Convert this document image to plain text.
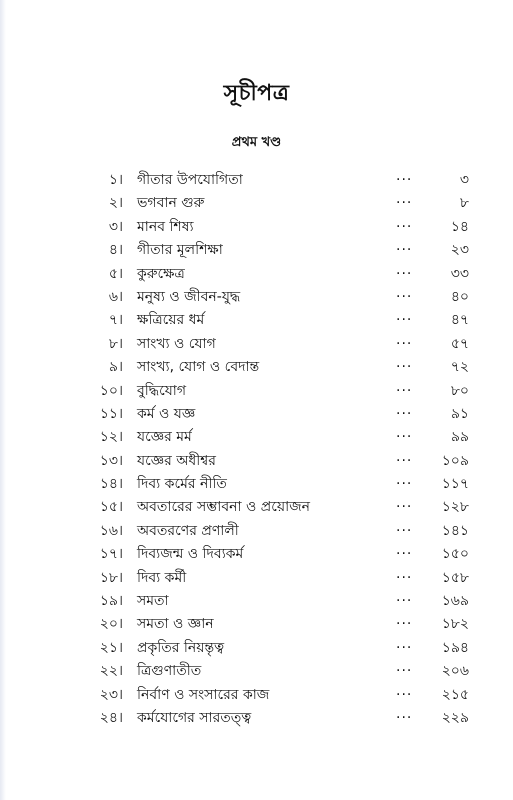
সূচীপত্র
প্রথম খণ্ড
১। গীতার উপযোগিতা	...	৩
২। ভগবান গুরু	...	৮
৩। মানব শিষ্য	...	১৪
৪। গীতার মূলশিক্ষা	...	২৩
৫। কুরুক্ষেত্র	...	৩৩
৬। মনুষ্য ও জীবন-যুদ্ধ	...	৪০
৭। ক্ষত্রিয়ের ধর্ম	...	৪৭
৮। সাংখ্য ও যোগ	...	৫৭
৯। সাংখ্য, যোগ ও বেদান্ত	...	৭২
১০। বুদ্ধিযোগ	...	৮০
১১। কর্ম ও যজ্ঞ	...	৯১
১২। যজ্ঞের মর্ম	...	৯৯
১৩। যজ্ঞের অধীশ্বর	... ১০৯
১৪। দিব্য কর্মের নীতি	... ১১৭
১৫। অবতারের সম্ভাবনা ও প্রয়োজন	... ১২৮
১৬। অবতরণের প্রণালী	... ১৪১
১৭। দিব্যজন্ম ও দিব্যকর্ম	... ১৫০
১৮। দিব্য কর্মী	... ১৫৮
১৯। সমতা	... ১৬৯
২০। সমতা ও জ্ঞান	... ১৮২
২১। প্রকৃতির নিয়ন্তৃত্ব	... ১৯৪
২২। ত্রিগুণাতীত	... ২০৬
২৩। নির্বাণ ও সংসারের কাজ	... ২১৫
২৪। কর্মযোগের সারতত্ত্ব	... ২২৯
